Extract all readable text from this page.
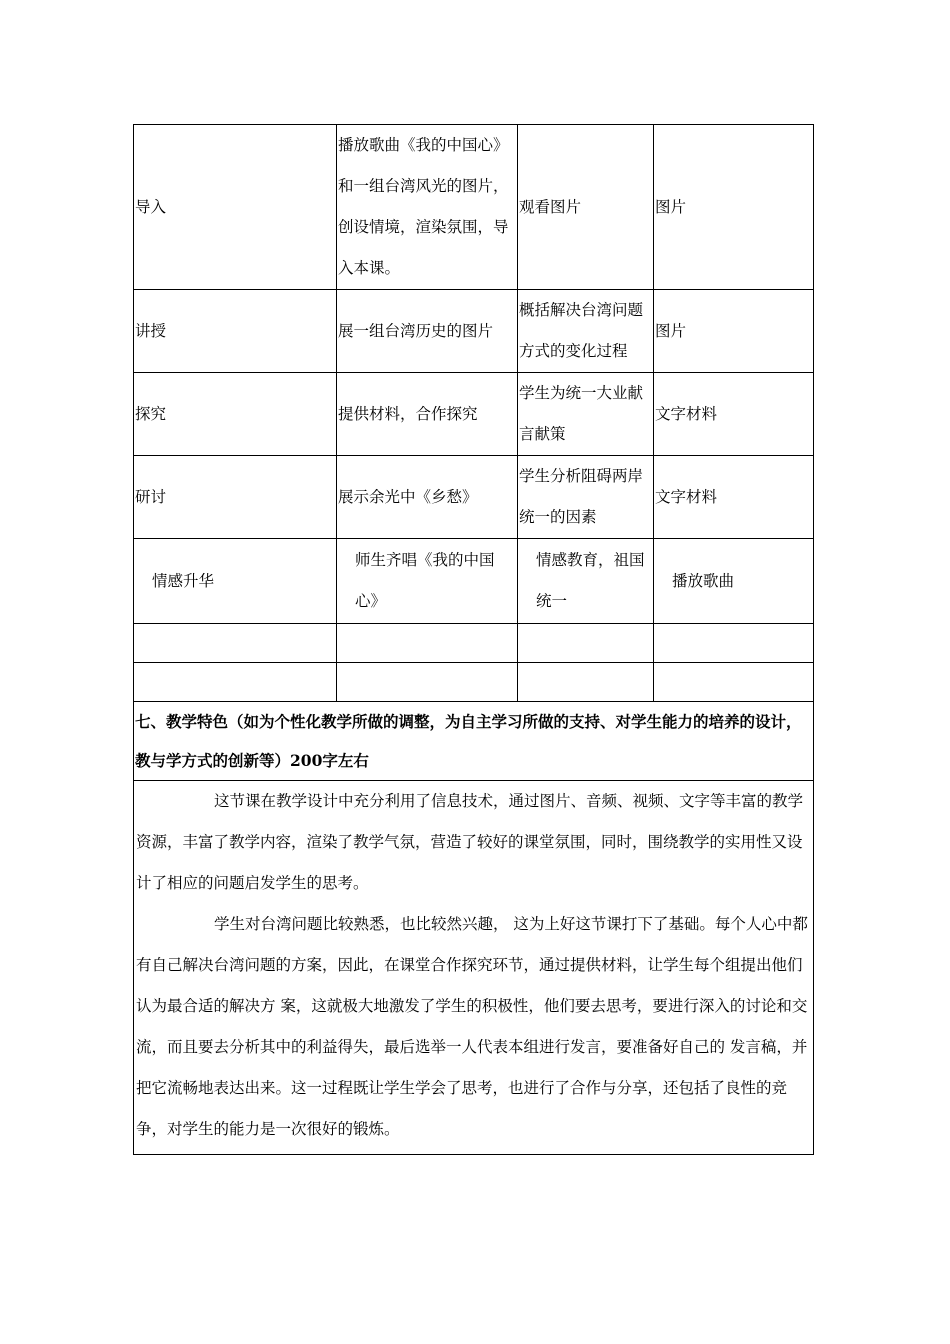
导入	播放歌曲《我的中国心》和一组台湾风光的图片，创设情境，渲染氛围，导入本课。	观看图片	图片
讲授	展一组台湾历史的图片	概括解决台湾问题方式的变化过程	图片
探究	提供材料，合作探究	学生为统一大业献言献策	文字材料
研讨	展示余光中《乡愁》	学生分析阻碍两岸统一的因素	文字材料
情感升华	师生齐唱《我的中国心》	情感教育，祖国统一	播放歌曲

七、教学特色（如为个性化教学所做的调整，为自主学习所做的支持、对学生能力的培养的设计，教与学方式的创新等）200字左右			

这节课在教学设计中充分利用了信息技术，通过图片、音频、视频、文字等丰富的教学资源，丰富了教学内容，渲染了教学气氛，营造了较好的课堂氛围，同时，围绕教学的实用性又设计了相应的问题启发学生的思考。

学生对台湾问题比较熟悉，也比较然兴趣， 这为上好这节课打下了基础。每个人心中都有自己解决台湾问题的方案，因此，在课堂合作探究环节，通过提供材料，让学生每个组提出他们认为最合适的解决方 案，这就极大地激发了学生的积极性，他们要去思考，要进行深入的讨论和交流，而且要去分析其中的利益得失，最后选举一人代表本组进行发言，要准备好自己的 发言稿，并把它流畅地表达出来。这一过程既让学生学会了思考，也进行了合作与分享，还包括了良性的竞争，对学生的能力是一次很好的锻炼。			
